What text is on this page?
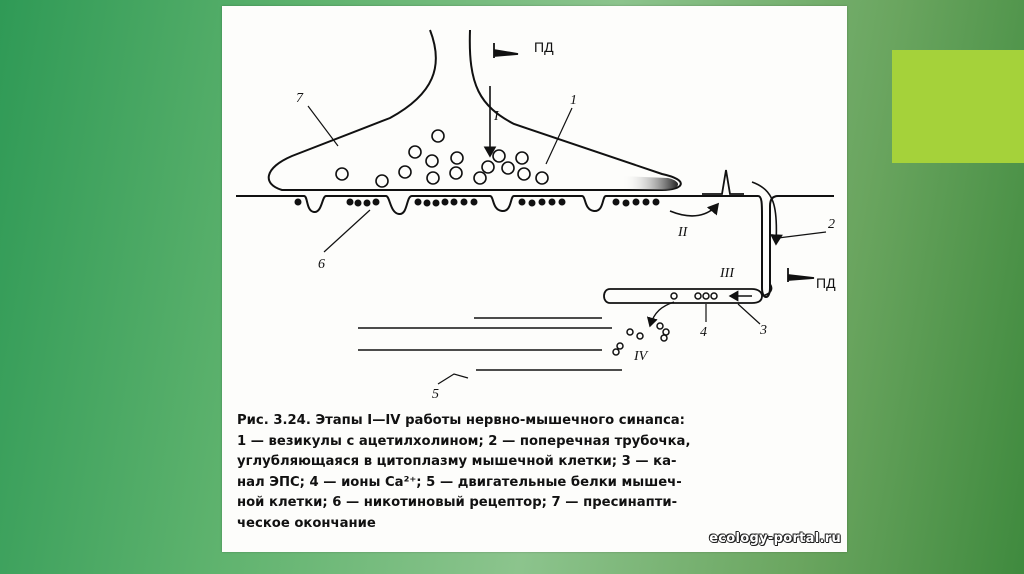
ПД
ПД
I
II
III
IV
1
2
3
4
5
6
7
Рис. 3.24. Этапы I—IV работы нервно-мышечного синапса:
1 — везикулы с ацетилхолином; 2 — поперечная трубочка,
углубляющаяся в цитоплазму мышечной клетки; 3 — ка-
нал ЭПС; 4 — ионы Ca²⁺; 5 — двигательные белки мышеч-
ной клетки; 6 — никотиновый рецептор; 7 — пресинапти-
ческое окончание
ecology-portal.ru
